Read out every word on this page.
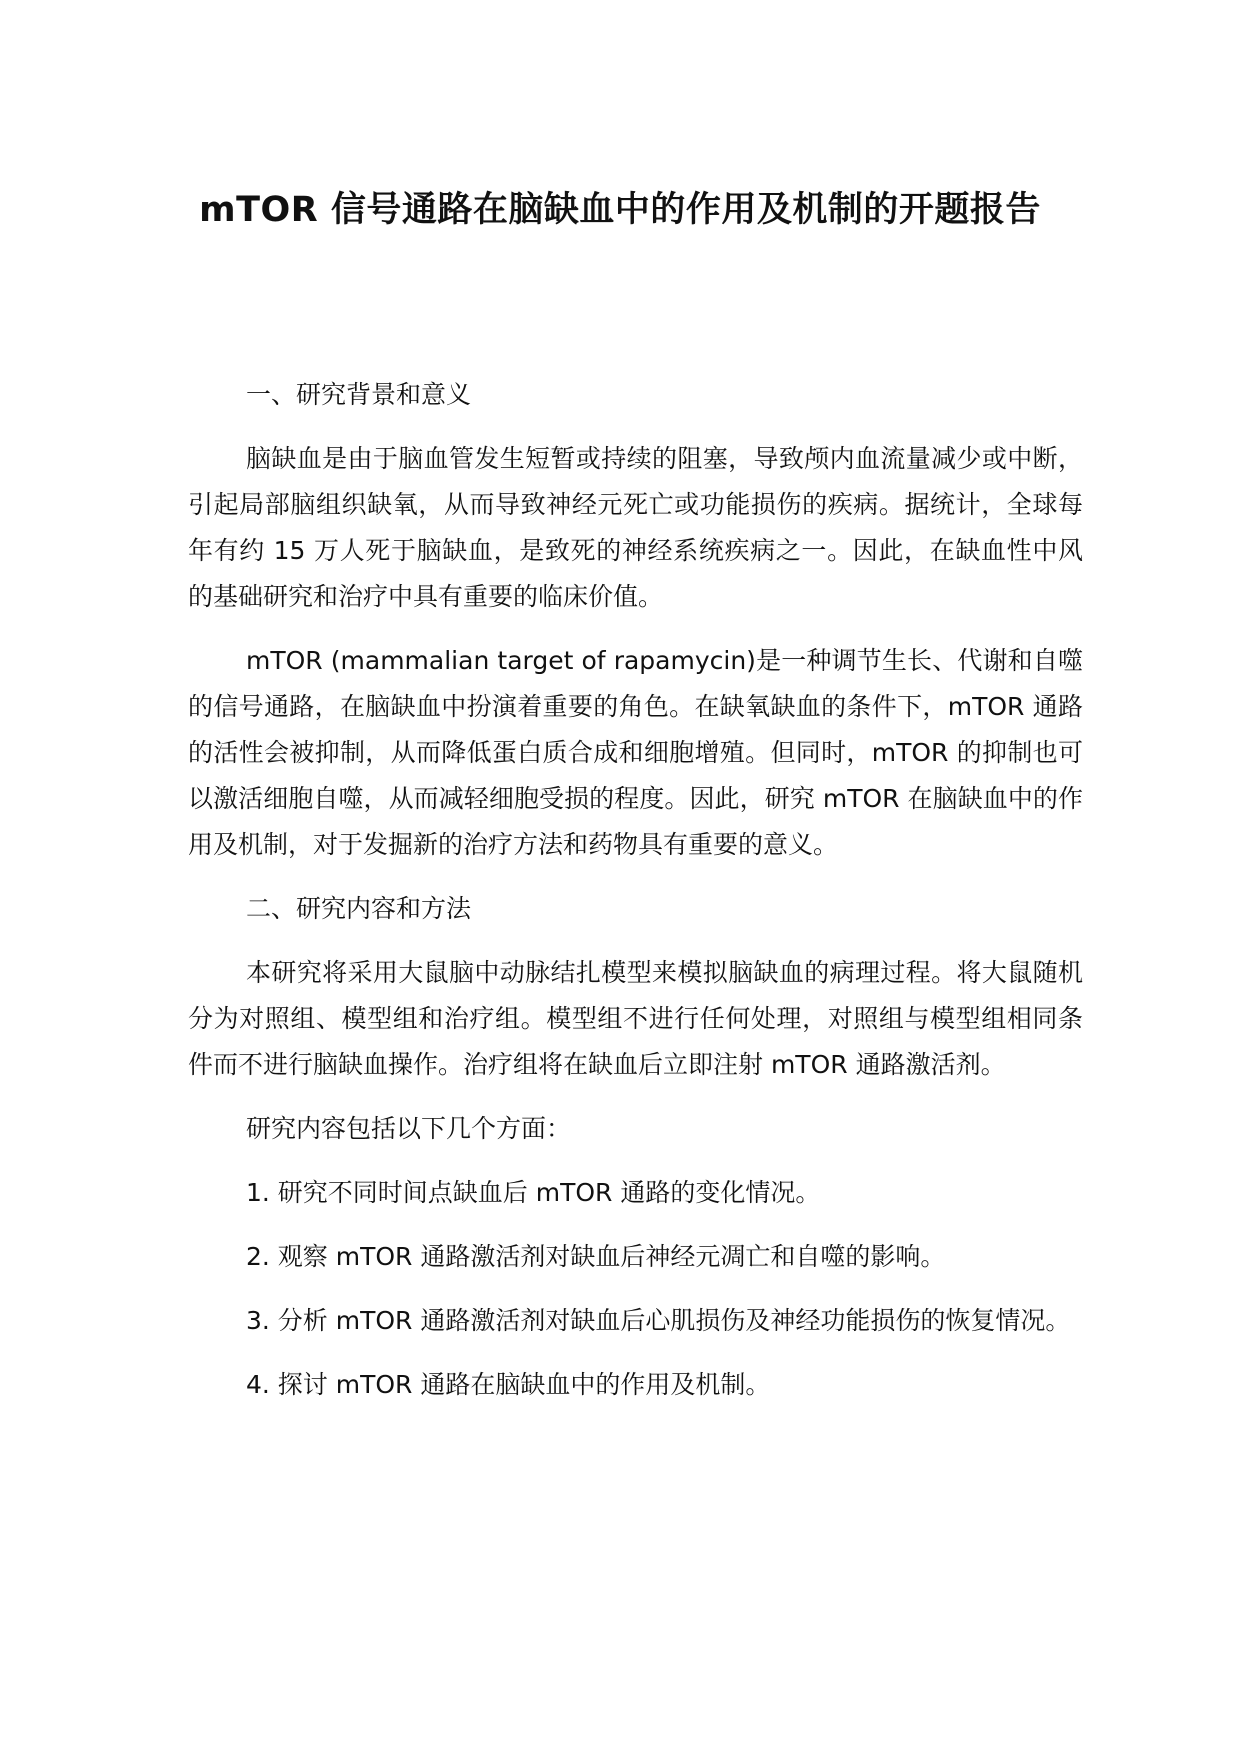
mTOR 信号通路在脑缺血中的作用及机制的开题报告

一、研究背景和意义

脑缺血是由于脑血管发生短暂或持续的阻塞，导致颅内血流量减少或中断，引起局部脑组织缺氧，从而导致神经元死亡或功能损伤的疾病。据统计，全球每年有约 15 万人死于脑缺血，是致死的神经系统疾病之一。因此，在缺血性中风的基础研究和治疗中具有重要的临床价值。

mTOR (mammalian target of rapamycin)是一种调节生长、代谢和自噬的信号通路，在脑缺血中扮演着重要的角色。在缺氧缺血的条件下，mTOR 通路的活性会被抑制，从而降低蛋白质合成和细胞增殖。但同时，mTOR 的抑制也可以激活细胞自噬，从而减轻细胞受损的程度。因此，研究 mTOR 在脑缺血中的作用及机制，对于发掘新的治疗方法和药物具有重要的意义。

二、研究内容和方法

本研究将采用大鼠脑中动脉结扎模型来模拟脑缺血的病理过程。将大鼠随机分为对照组、模型组和治疗组。模型组不进行任何处理，对照组与模型组相同条件而不进行脑缺血操作。治疗组将在缺血后立即注射 mTOR 通路激活剂。

研究内容包括以下几个方面：

1. 研究不同时间点缺血后 mTOR 通路的变化情况。

2. 观察 mTOR 通路激活剂对缺血后神经元凋亡和自噬的影响。

3. 分析 mTOR 通路激活剂对缺血后心肌损伤及神经功能损伤的恢复情况。

4. 探讨 mTOR 通路在脑缺血中的作用及机制。
